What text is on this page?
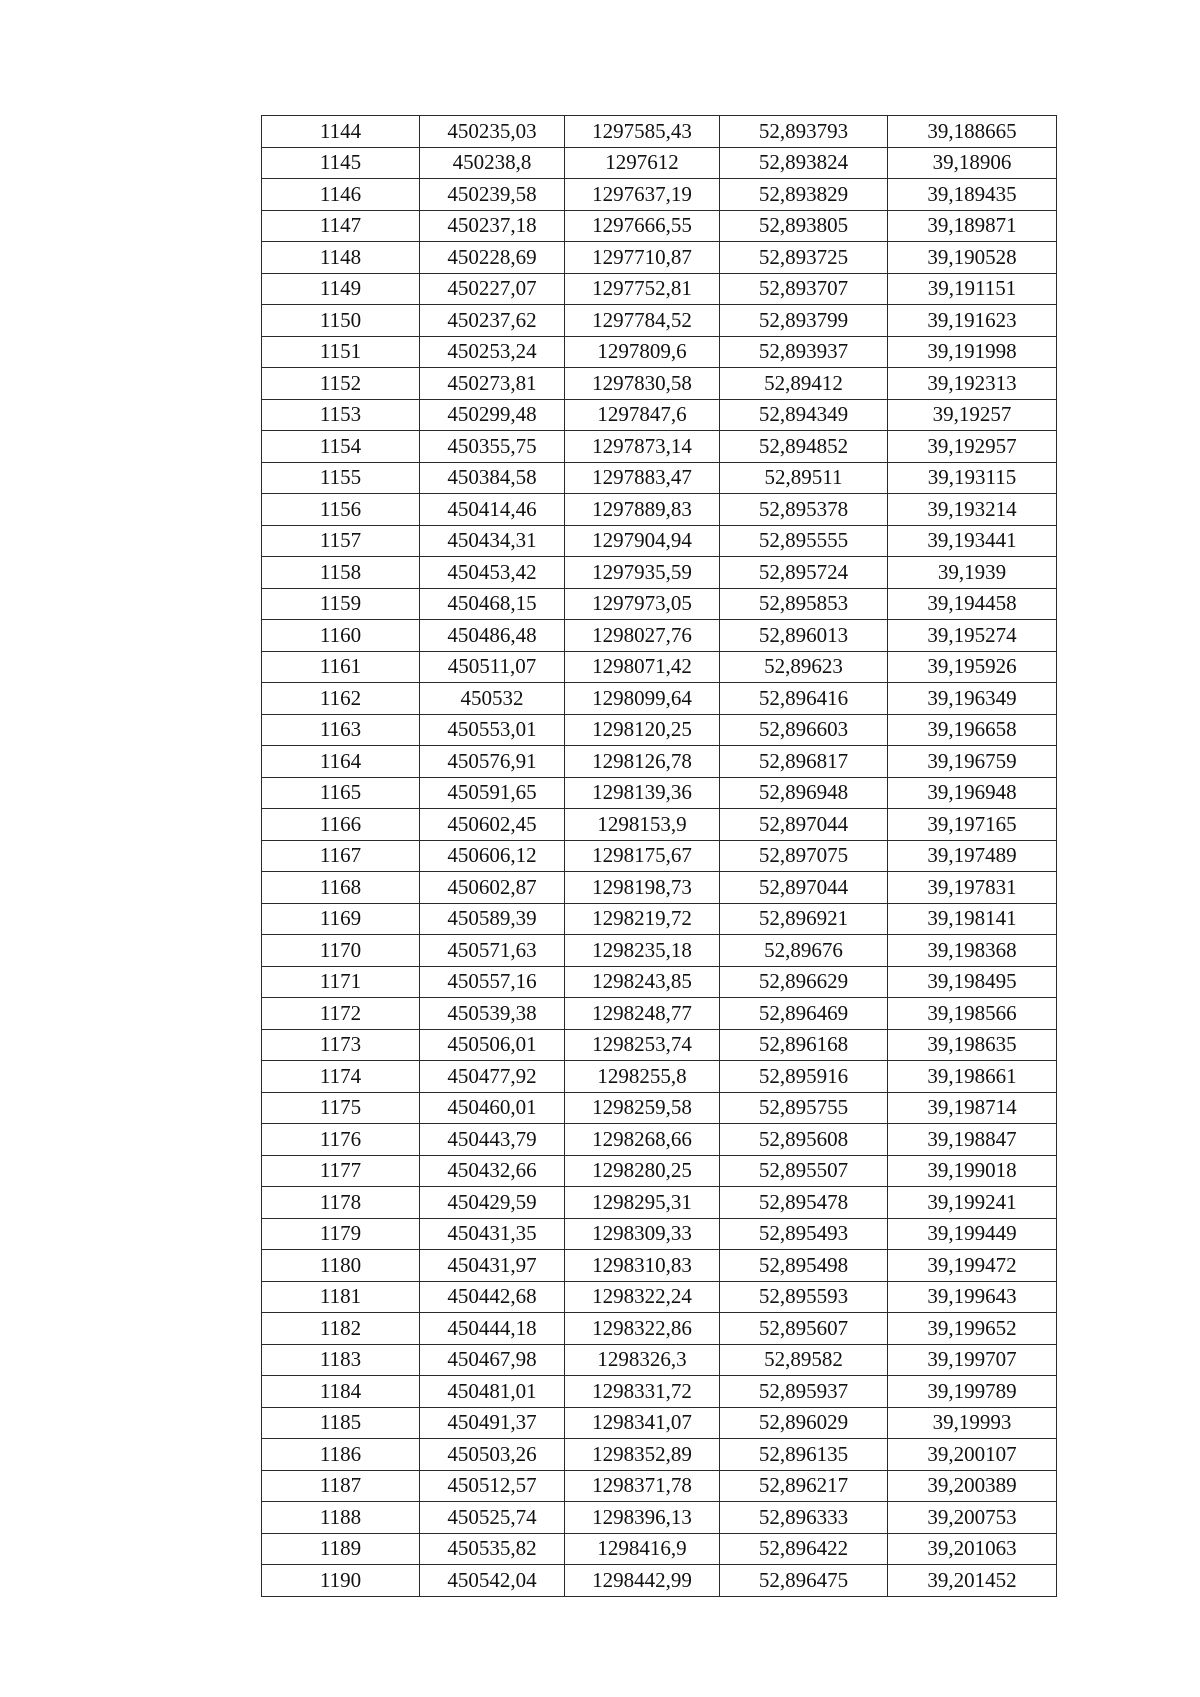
1144	450235,03	1297585,43	52,893793	39,188665
1145	450238,8	1297612	52,893824	39,18906
1146	450239,58	1297637,19	52,893829	39,189435
1147	450237,18	1297666,55	52,893805	39,189871
1148	450228,69	1297710,87	52,893725	39,190528
1149	450227,07	1297752,81	52,893707	39,191151
1150	450237,62	1297784,52	52,893799	39,191623
1151	450253,24	1297809,6	52,893937	39,191998
1152	450273,81	1297830,58	52,89412	39,192313
1153	450299,48	1297847,6	52,894349	39,19257
1154	450355,75	1297873,14	52,894852	39,192957
1155	450384,58	1297883,47	52,89511	39,193115
1156	450414,46	1297889,83	52,895378	39,193214
1157	450434,31	1297904,94	52,895555	39,193441
1158	450453,42	1297935,59	52,895724	39,1939
1159	450468,15	1297973,05	52,895853	39,194458
1160	450486,48	1298027,76	52,896013	39,195274
1161	450511,07	1298071,42	52,89623	39,195926
1162	450532	1298099,64	52,896416	39,196349
1163	450553,01	1298120,25	52,896603	39,196658
1164	450576,91	1298126,78	52,896817	39,196759
1165	450591,65	1298139,36	52,896948	39,196948
1166	450602,45	1298153,9	52,897044	39,197165
1167	450606,12	1298175,67	52,897075	39,197489
1168	450602,87	1298198,73	52,897044	39,197831
1169	450589,39	1298219,72	52,896921	39,198141
1170	450571,63	1298235,18	52,89676	39,198368
1171	450557,16	1298243,85	52,896629	39,198495
1172	450539,38	1298248,77	52,896469	39,198566
1173	450506,01	1298253,74	52,896168	39,198635
1174	450477,92	1298255,8	52,895916	39,198661
1175	450460,01	1298259,58	52,895755	39,198714
1176	450443,79	1298268,66	52,895608	39,198847
1177	450432,66	1298280,25	52,895507	39,199018
1178	450429,59	1298295,31	52,895478	39,199241
1179	450431,35	1298309,33	52,895493	39,199449
1180	450431,97	1298310,83	52,895498	39,199472
1181	450442,68	1298322,24	52,895593	39,199643
1182	450444,18	1298322,86	52,895607	39,199652
1183	450467,98	1298326,3	52,89582	39,199707
1184	450481,01	1298331,72	52,895937	39,199789
1185	450491,37	1298341,07	52,896029	39,19993
1186	450503,26	1298352,89	52,896135	39,200107
1187	450512,57	1298371,78	52,896217	39,200389
1188	450525,74	1298396,13	52,896333	39,200753
1189	450535,82	1298416,9	52,896422	39,201063
1190	450542,04	1298442,99	52,896475	39,201452
